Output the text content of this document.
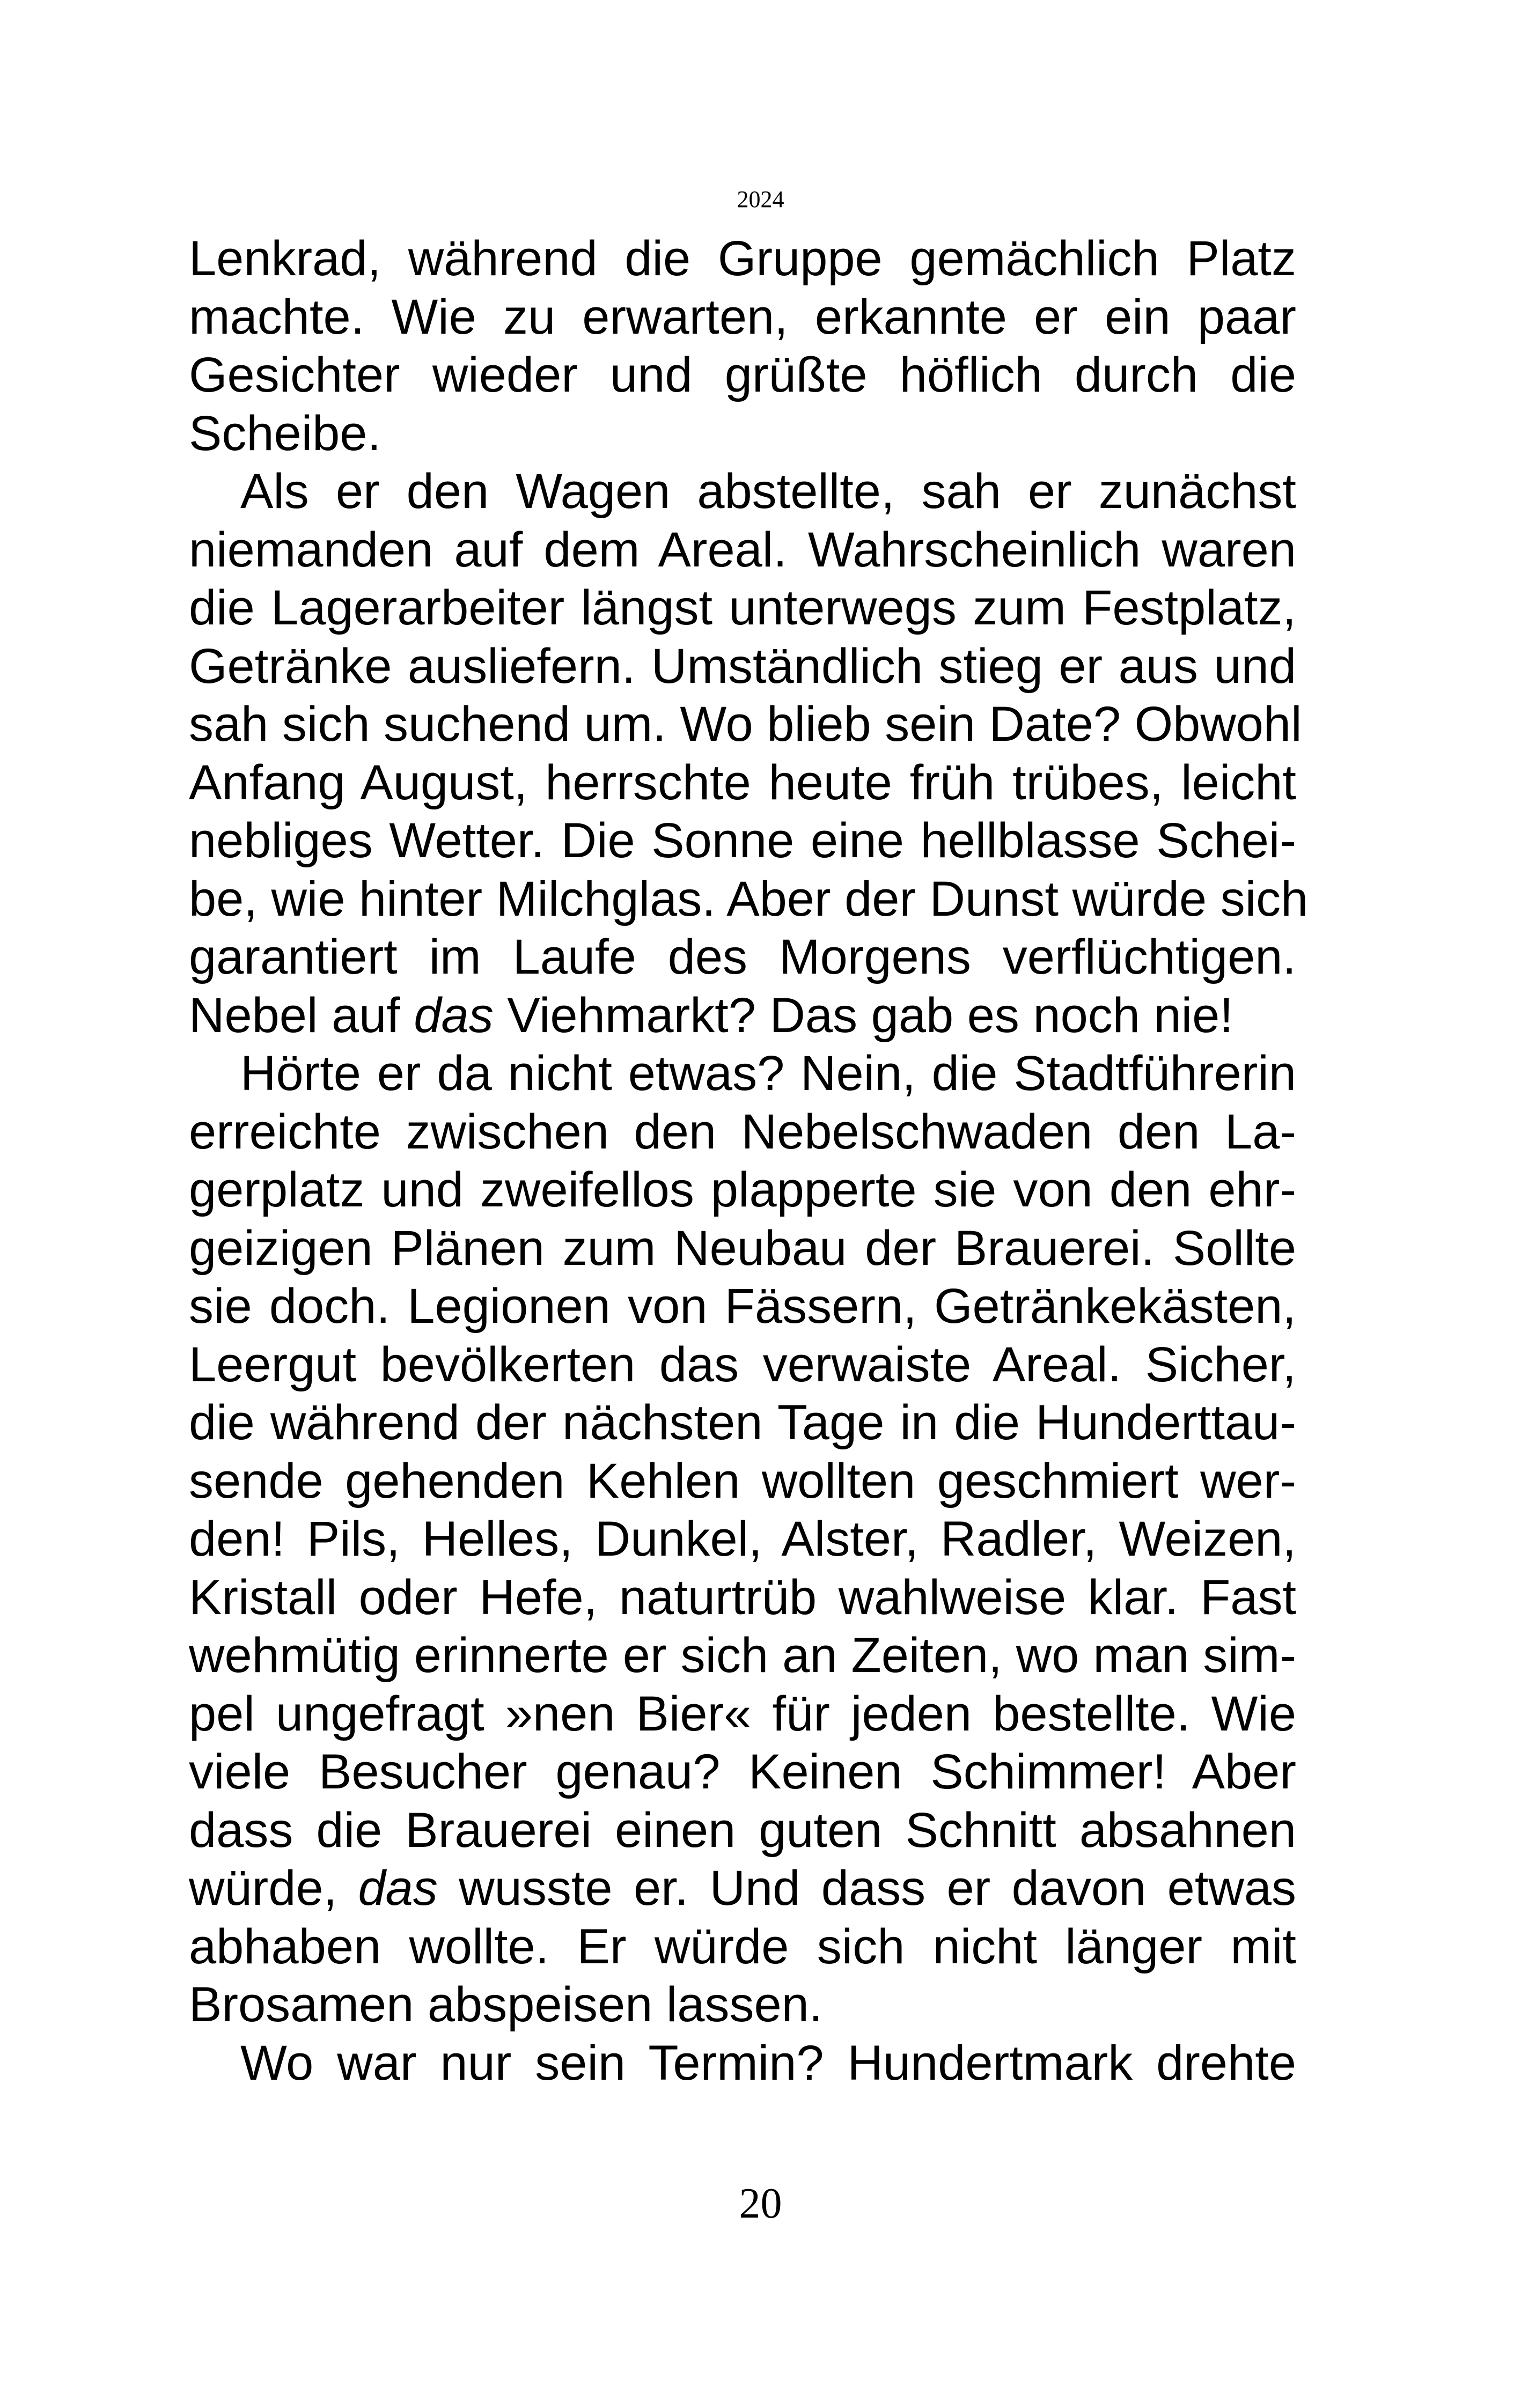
2024
Lenkrad, während die Gruppe gemächlich Platz
machte. Wie zu erwarten, erkannte er ein paar
Gesichter wieder und grüßte höflich durch die
Scheibe.
Als er den Wagen abstellte, sah er zunächst
niemanden auf dem Areal. Wahrscheinlich waren
die Lagerarbeiter längst unterwegs zum Festplatz,
Getränke ausliefern. Umständlich stieg er aus und
sah sich suchend um. Wo blieb sein Date? Obwohl
Anfang August, herrschte heute früh trübes, leicht
nebliges Wetter. Die Sonne eine hellblasse Schei-
be, wie hinter Milchglas. Aber der Dunst würde sich
garantiert im Laufe des Morgens verflüchtigen.
Nebel auf das Viehmarkt? Das gab es noch nie!
Hörte er da nicht etwas? Nein, die Stadtführerin
erreichte zwischen den Nebelschwaden den La-
gerplatz und zweifellos plapperte sie von den ehr-
geizigen Plänen zum Neubau der Brauerei. Sollte
sie doch. Legionen von Fässern, Getränkekästen,
Leergut bevölkerten das verwaiste Areal. Sicher,
die während der nächsten Tage in die Hunderttau-
sende gehenden Kehlen wollten geschmiert wer-
den! Pils, Helles, Dunkel, Alster, Radler, Weizen,
Kristall oder Hefe, naturtrüb wahlweise klar. Fast
wehmütig erinnerte er sich an Zeiten, wo man sim-
pel ungefragt »nen Bier« für jeden bestellte. Wie
viele Besucher genau? Keinen Schimmer! Aber
dass die Brauerei einen guten Schnitt absahnen
würde, das wusste er. Und dass er davon etwas
abhaben wollte. Er würde sich nicht länger mit
Brosamen abspeisen lassen.
Wo war nur sein Termin? Hundertmark drehte
20
